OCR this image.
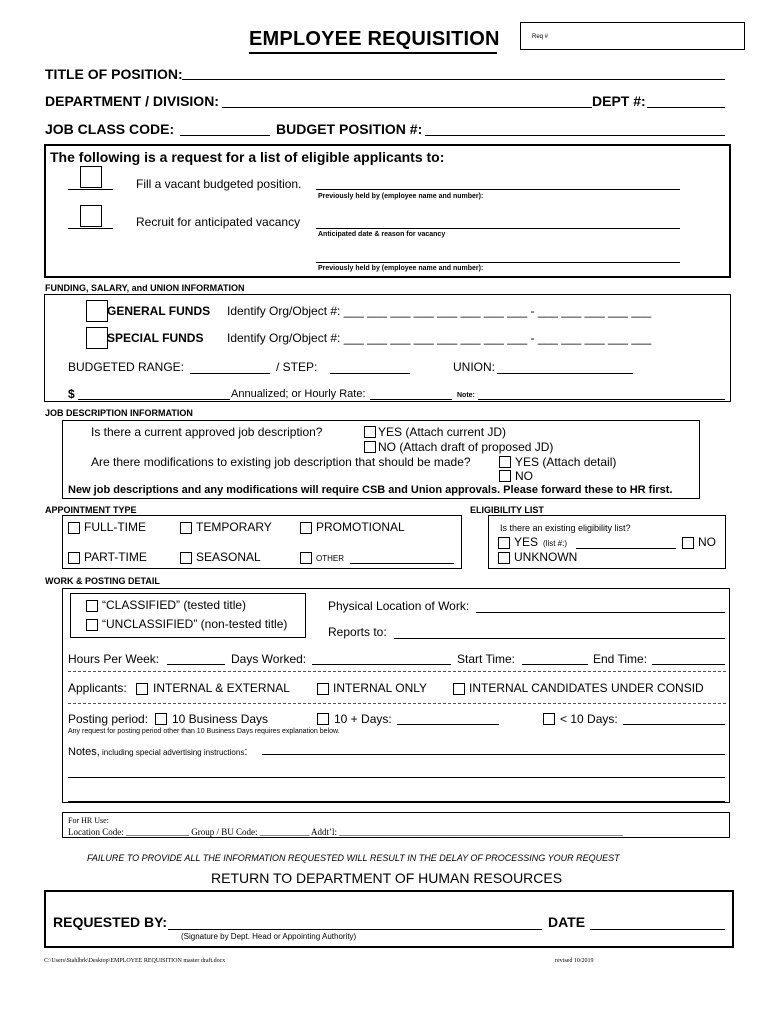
EMPLOYEE REQUISITION	Req #
TITLE OF POSITION:
DEPARTMENT / DIVISION:	DEPT #:
JOB CLASS CODE:	BUDGET POSITION #:
The following is a request for a list of eligible applicants to:
Fill a vacant budgeted position.
Previously held by (employee name and number):
Recruit for anticipated vacancy
Anticipated date & reason for vacancy
Previously held by (employee name and number):
FUNDING, SALARY, and UNION INFORMATION
GENERAL FUNDS Identify Org/Object #: ___ ___ ___ ___ ___ ___ ___ ___ - ___ ___ ___ ___ ___
SPECIAL FUNDS Identify Org/Object #: ___ ___ ___ ___ ___ ___ ___ ___ - ___ ___ ___ ___ ___
BUDGETED RANGE:	/ STEP:	UNION:
$	Annualized; or Hourly Rate:	Note:
JOB DESCRIPTION INFORMATION
Is there a current approved job description?	YES (Attach current JD)
NO (Attach draft of proposed JD)
Are there modifications to existing job description that should be made?	YES (Attach detail)
NO
New job descriptions and any modifications will require CSB and Union approvals. Please forward these to HR first.
APPOINTMENT TYPE
FULL-TIME	TEMPORARY	PROMOTIONAL
PART-TIME	SEASONAL	OTHER
ELIGIBILITY LIST
Is there an existing eligibility list?
YES (list #:)	NO
UNKNOWN
WORK & POSTING DETAIL
“CLASSIFIED” (tested title)
“UNCLASSIFIED” (non-tested title)
Physical Location of Work:
Reports to:
Hours Per Week:	Days Worked:	Start Time:	End Time:
Applicants: INTERNAL & EXTERNAL	INTERNAL ONLY	INTERNAL CANDIDATES UNDER CONSID
Posting period: 10 Business Days	10 + Days:	< 10 Days:
Any request for posting period other than 10 Business Days requires explanation below.
Notes, including special advertising instructions:
For HR Use:
Location Code: ______________ Group / BU Code: ___________ Addt’l: _______________________________________________________________
FAILURE TO PROVIDE ALL THE INFORMATION REQUESTED WILL RESULT IN THE DELAY OF PROCESSING YOUR REQUEST
RETURN TO DEPARTMENT OF HUMAN RESOURCES
REQUESTED BY:	DATE
(Signature by Dept. Head or Appointing Authority)
C:\Users\Stahlbrk\Desktop\EMPLOYEE REQUISITION master draft.docx	revised 10/2019
